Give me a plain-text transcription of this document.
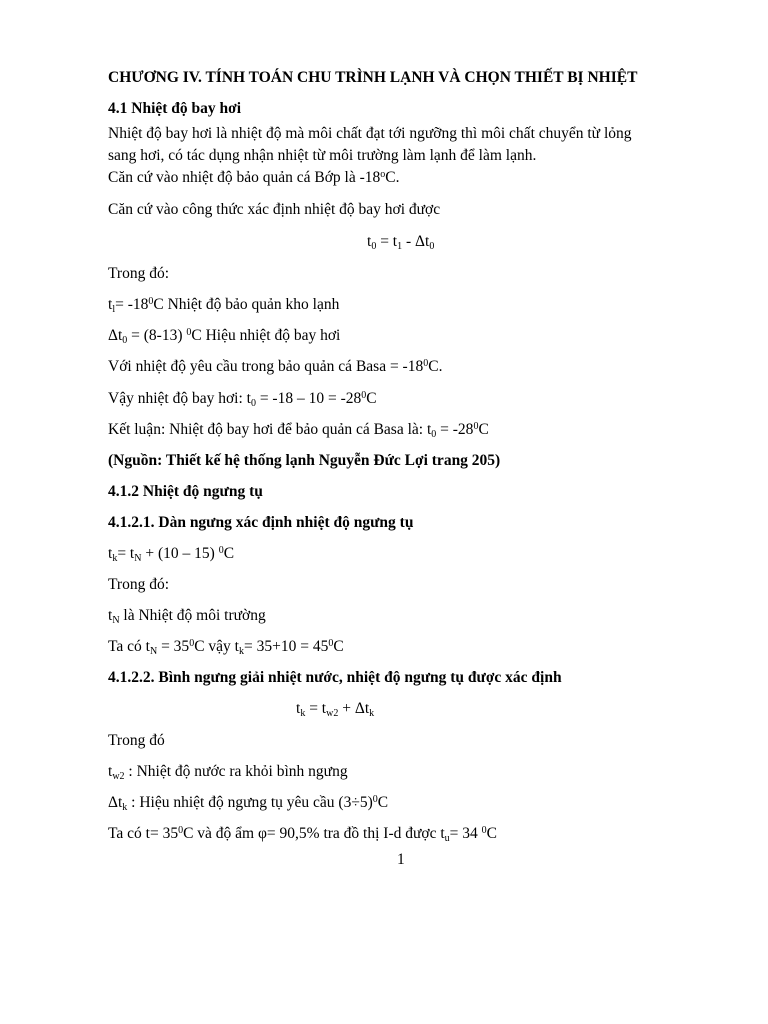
CHƯƠNG IV. TÍNH TOÁN CHU TRÌNH LẠNH VÀ CHỌN THIẾT BỊ NHIỆT
4.1 Nhiệt độ bay hơi
Nhiệt độ bay hơi là nhiệt độ mà môi chất đạt tới ngưỡng thì môi chất chuyển từ lỏng
sang hơi, có tác dụng nhận nhiệt từ môi trường làm lạnh để làm lạnh.
Căn cứ vào nhiệt độ bảo quản cá Bớp là -18$^o$C.
Căn cứ vào công thức xác định nhiệt độ bay hơi được
$t_0 = t_1 - \Delta t_0$
Trong đó:
$t_l= -18^0C$ Nhiệt độ bảo quản kho lạnh
$\Delta t_0 = (8-13)$ $^0$C Hiệu nhiệt độ bay hơi
Với nhiệt độ yêu cầu trong bảo quản cá Basa = $-18^0C$.
Vậy nhiệt độ bay hơi: $t_0 = -18 - 10 = -28^0C$
Kết luận: Nhiệt độ bay hơi để bảo quản cá Basa là: $t_0 = -28^0C$
(Nguồn: Thiết kế hệ thống lạnh Nguyễn Đức Lợi trang 205)
4.1.2 Nhiệt độ ngưng tụ
4.1.2.1. Dàn ngưng xác định nhiệt độ ngưng tụ
$t_k= t_N + (10 - 15)$ $^0$C
Trong đó:
$t_N$ là Nhiệt độ môi trường
Ta có $t_N = 35^0C$ vậy $t_k= 35+10 = 45^0C$
4.1.2.2. Bình ngưng giải nhiệt nước, nhiệt độ ngưng tụ được xác định
$t_k = t_{w2} + \Delta t_k$
Trong đó
$t_{w2}$ : Nhiệt độ nước ra khỏi bình ngưng
$\Delta t_k$ : Hiệu nhiệt độ ngưng tụ yêu cầu $(3\div 5)^0C$
Ta có $t= 35^0C$ và độ ẩm φ= 90,5% tra đồ thị I-d được $t_u= 34$ $^0$C
1
